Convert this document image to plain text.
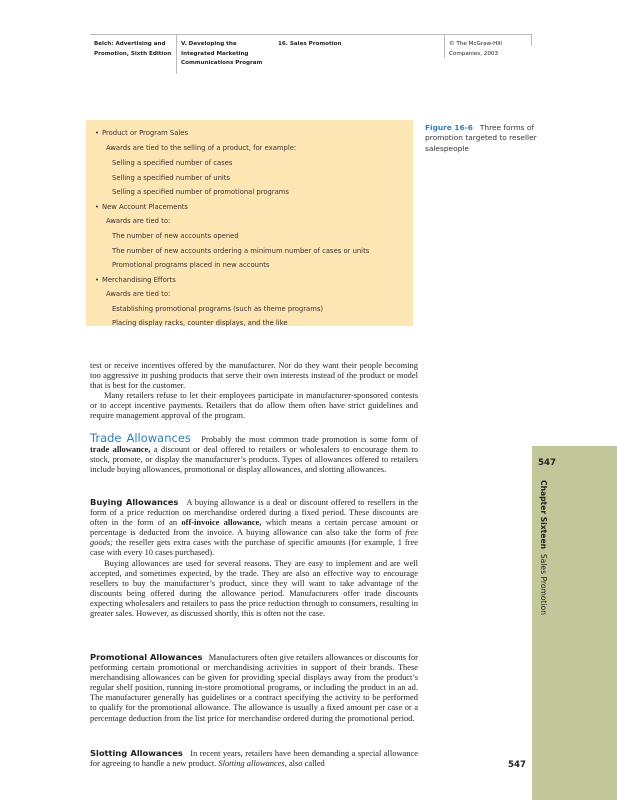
Belch: Advertising and
Promotion, Sixth Edition
V. Developing the
Integrated Marketing
Communications Program
16. Sales Promotion	© The McGraw-Hill
Companies, 2003
• Product or Program Sales
Awards are tied to the selling of a product, for example:
Selling a specified number of cases
Selling a specified number of units
Selling a specified number of promotional programs
• New Account Placements
Awards are tied to:
The number of new accounts opened
The number of new accounts ordering a minimum number of cases or units
Promotional programs placed in new accounts
• Merchandising Efforts
Awards are tied to:
Establishing promotional programs (such as theme programs)
Placing display racks, counter displays, and the like
Figure 16-6 Three forms of promotion targeted to reseller salespeople

test or receive incentives offered by the manufacturer. Nor do they want their people becoming too aggressive in pushing products that serve their own interests instead of the product or model that is best for the customer.

Many retailers refuse to let their employees participate in manufacturer-sponsored contests or to accept incentive payments. Retailers that do allow them often have strict guidelines and require management approval of the program.

Trade Allowances Probably the most common trade promotion is some form of trade allowance, a discount or deal offered to retailers or wholesalers to encourage them to stock, promote, or display the manufacturer’s products. Types of allowances offered to retailers include buying allowances, promotional or display allowances, and slotting allowances.

Buying Allowances A buying allowance is a deal or discount offered to resellers in the form of a price reduction on merchandise ordered during a fixed period. These discounts are often in the form of an off-invoice allowance, which means a certain percase amount or percentage is deducted from the invoice. A buying allowance can also take the form of free goods; the reseller gets extra cases with the purchase of specific amounts (for example, 1 free case with every 10 cases purchased).

Buying allowances are used for several reasons. They are easy to implement and are well accepted, and sometimes expected, by the trade. They are also an effective way to encourage resellers to buy the manufacturer’s product, since they will want to take advantage of the discounts being offered during the allowance period. Manufacturers offer trade discounts expecting wholesalers and retailers to pass the price reduction through to consumers, resulting in greater sales. However, as discussed shortly, this is often not the case.

Promotional Allowances Manufacturers often give retailers allowances or discounts for performing certain promotional or merchandising activities in support of their brands. These merchandising allowances can be given for providing special displays away from the product’s regular shelf position, running in-store promotional programs, or including the product in an ad. The manufacturer generally has guidelines or a contract specifying the activity to be performed to qualify for the promotional allowance. The allowance is usually a fixed amount per case or a percentage deduction from the list price for merchandise ordered during the promotional period.

Slotting Allowances In recent years, retailers have been demanding a special allowance for agreeing to handle a new product. Slotting allowances, also called

547
Chapter Sixteen  Sales Promotion
547
